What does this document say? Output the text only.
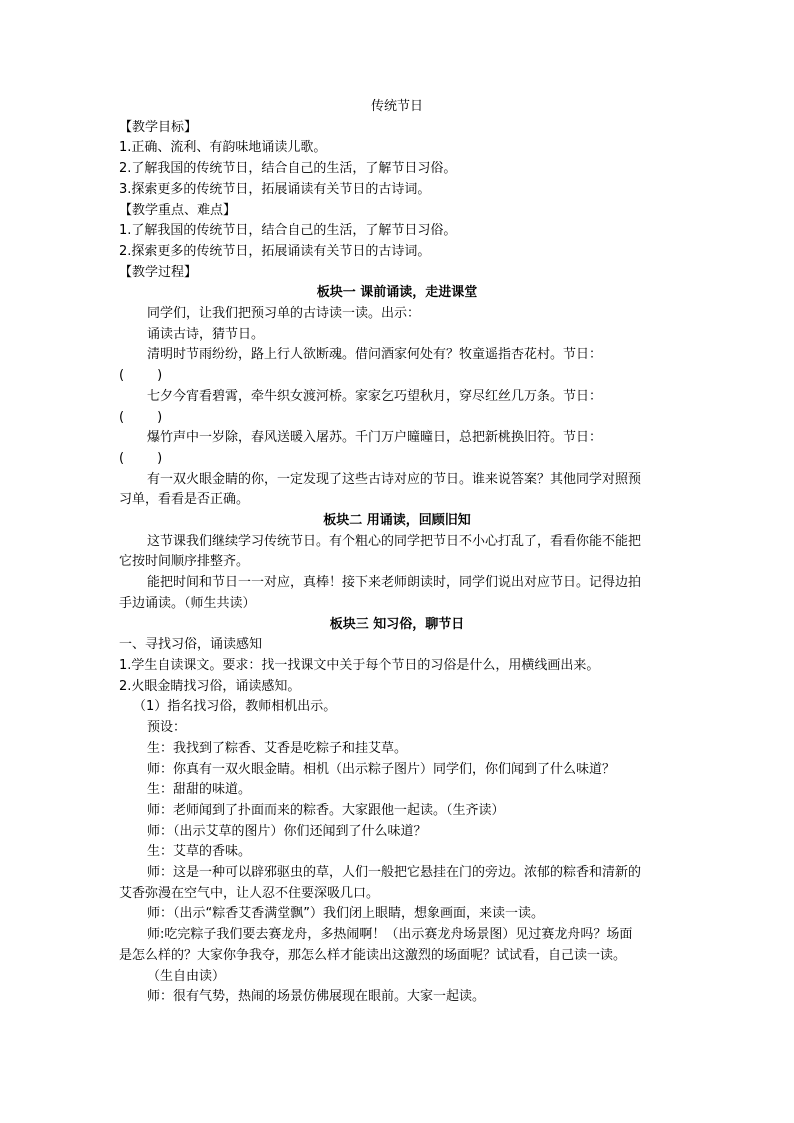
传统节日

【教学目标】

1.正确、流利、有韵味地诵读儿歌。

2.了解我国的传统节日，结合自己的生活，了解节日习俗。

3.探索更多的传统节日，拓展诵读有关节日的古诗词。

【教学重点、难点】

1.了解我国的传统节日，结合自己的生活，了解节日习俗。

2.探索更多的传统节日，拓展诵读有关节日的古诗词。

【教学过程】

板块一 课前诵读，走进课堂

同学们，让我们把预习单的古诗读一读。出示：

诵读古诗，猜节日。

清明时节雨纷纷，路上行人欲断魂。借问酒家何处有？牧童遥指杏花村。节日：

(        )

七夕今宵看碧霄，牵牛织女渡河桥。家家乞巧望秋月，穿尽红丝几万条。节日：

(        )

爆竹声中一岁除，春风送暖入屠苏。千门万户曈曈日，总把新桃换旧符。节日：

(        )

有一双火眼金睛的你，一定发现了这些古诗对应的节日。谁来说答案？其他同学对照预

习单，看看是否正确。

板块二 用诵读，回顾旧知

这节课我们继续学习传统节日。有个粗心的同学把节日不小心打乱了，看看你能不能把

它按时间顺序排整齐。

能把时间和节日一一对应，真棒！接下来老师朗读时，同学们说出对应节日。记得边拍

手边诵读。（师生共读）

板块三 知习俗，聊节日

一、寻找习俗，诵读感知

1.学生自读课文。要求：找一找课文中关于每个节日的习俗是什么，用横线画出来。

2.火眼金睛找习俗，诵读感知。

（1）指名找习俗，教师相机出示。

预设：

生：我找到了粽香、艾香是吃粽子和挂艾草。

师：你真有一双火眼金睛。相机（出示粽子图片）同学们，你们闻到了什么味道？

生：甜甜的味道。

师：老师闻到了扑面而来的粽香。大家跟他一起读。（生齐读）

师：（出示艾草的图片）你们还闻到了什么味道？

生：艾草的香味。

师：这是一种可以辟邪驱虫的草，人们一般把它悬挂在门的旁边。浓郁的粽香和清新的

艾香弥漫在空气中，让人忍不住要深吸几口。

师：（出示“粽香艾香满堂飘”）我们闭上眼睛，想象画面，来读一读。

师:吃完粽子我们要去赛龙舟，多热闹啊！（出示赛龙舟场景图）见过赛龙舟吗？场面

是怎么样的？大家你争我夺，那怎么样才能读出这激烈的场面呢？试试看，自己读一读。

（生自由读）

师：很有气势，热闹的场景仿佛展现在眼前。大家一起读。
